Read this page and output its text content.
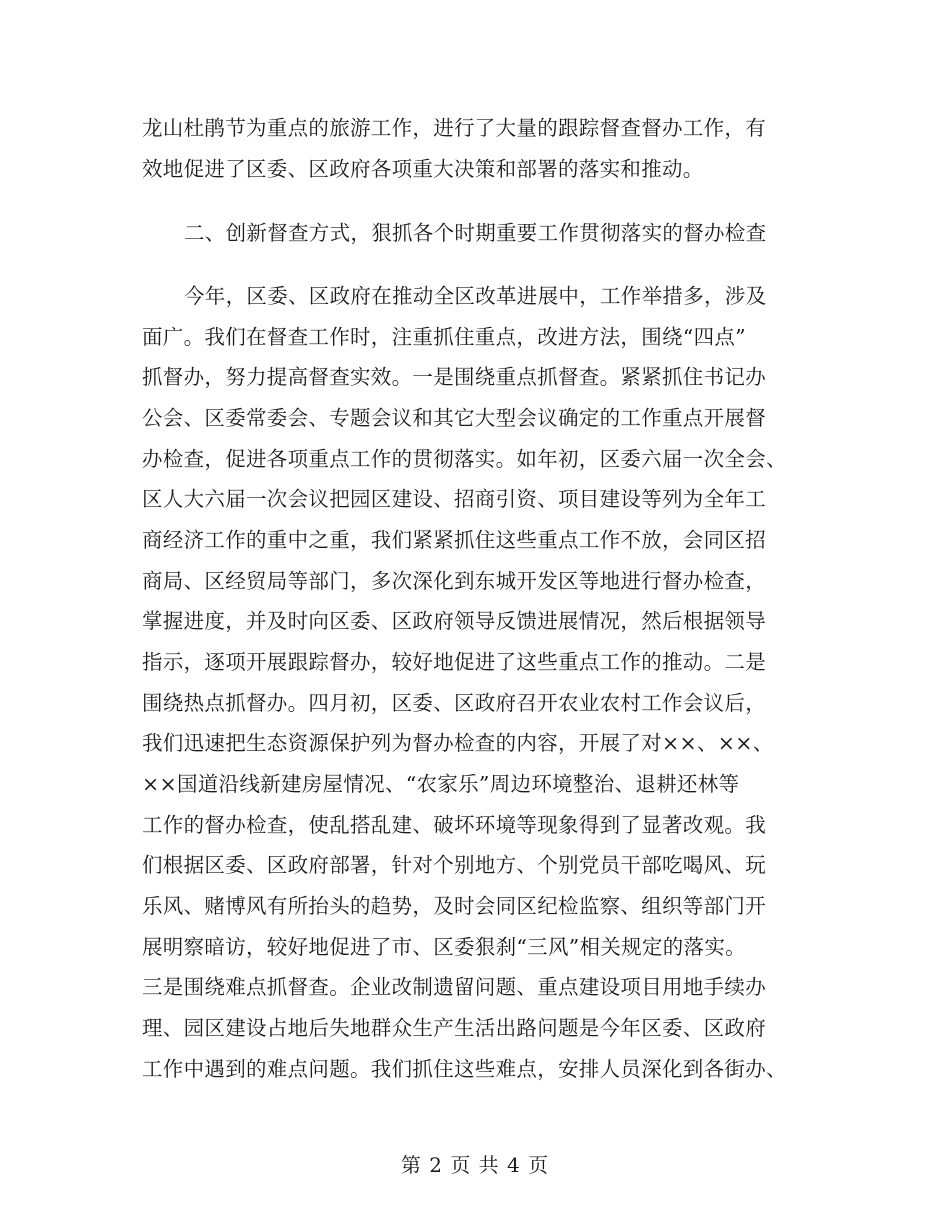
龙山杜鹃节为重点的旅游工作，进行了大量的跟踪督查督办工作，有
效地促进了区委、区政府各项重大决策和部署的落实和推动。
二、创新督查方式，狠抓各个时期重要工作贯彻落实的督办检查
今年，区委、区政府在推动全区改革进展中，工作举措多，涉及
面广。我们在督查工作时，注重抓住重点，改进方法，围绕“四点”
抓督办，努力提高督查实效。一是围绕重点抓督查。紧紧抓住书记办
公会、区委常委会、专题会议和其它大型会议确定的工作重点开展督
办检查，促进各项重点工作的贯彻落实。如年初，区委六届一次全会、
区人大六届一次会议把园区建设、招商引资、项目建设等列为全年工
商经济工作的重中之重，我们紧紧抓住这些重点工作不放，会同区招
商局、区经贸局等部门，多次深化到东城开发区等地进行督办检查，
掌握进度，并及时向区委、区政府领导反馈进展情况，然后根据领导
指示，逐项开展跟踪督办，较好地促进了这些重点工作的推动。二是
围绕热点抓督办。四月初，区委、区政府召开农业农村工作会议后，
我们迅速把生态资源保护列为督办检查的内容，开展了对××、××、
××国道沿线新建房屋情况、“农家乐”周边环境整治、退耕还林等
工作的督办检查，使乱搭乱建、破坏环境等现象得到了显著改观。我
们根据区委、区政府部署，针对个别地方、个别党员干部吃喝风、玩
乐风、赌博风有所抬头的趋势，及时会同区纪检监察、组织等部门开
展明察暗访，较好地促进了市、区委狠刹“三风”相关规定的落实。
三是围绕难点抓督查。企业改制遗留问题、重点建设项目用地手续办
理、园区建设占地后失地群众生产生活出路问题是今年区委、区政府
工作中遇到的难点问题。我们抓住这些难点，安排人员深化到各街办、
第 2 页 共 4 页
